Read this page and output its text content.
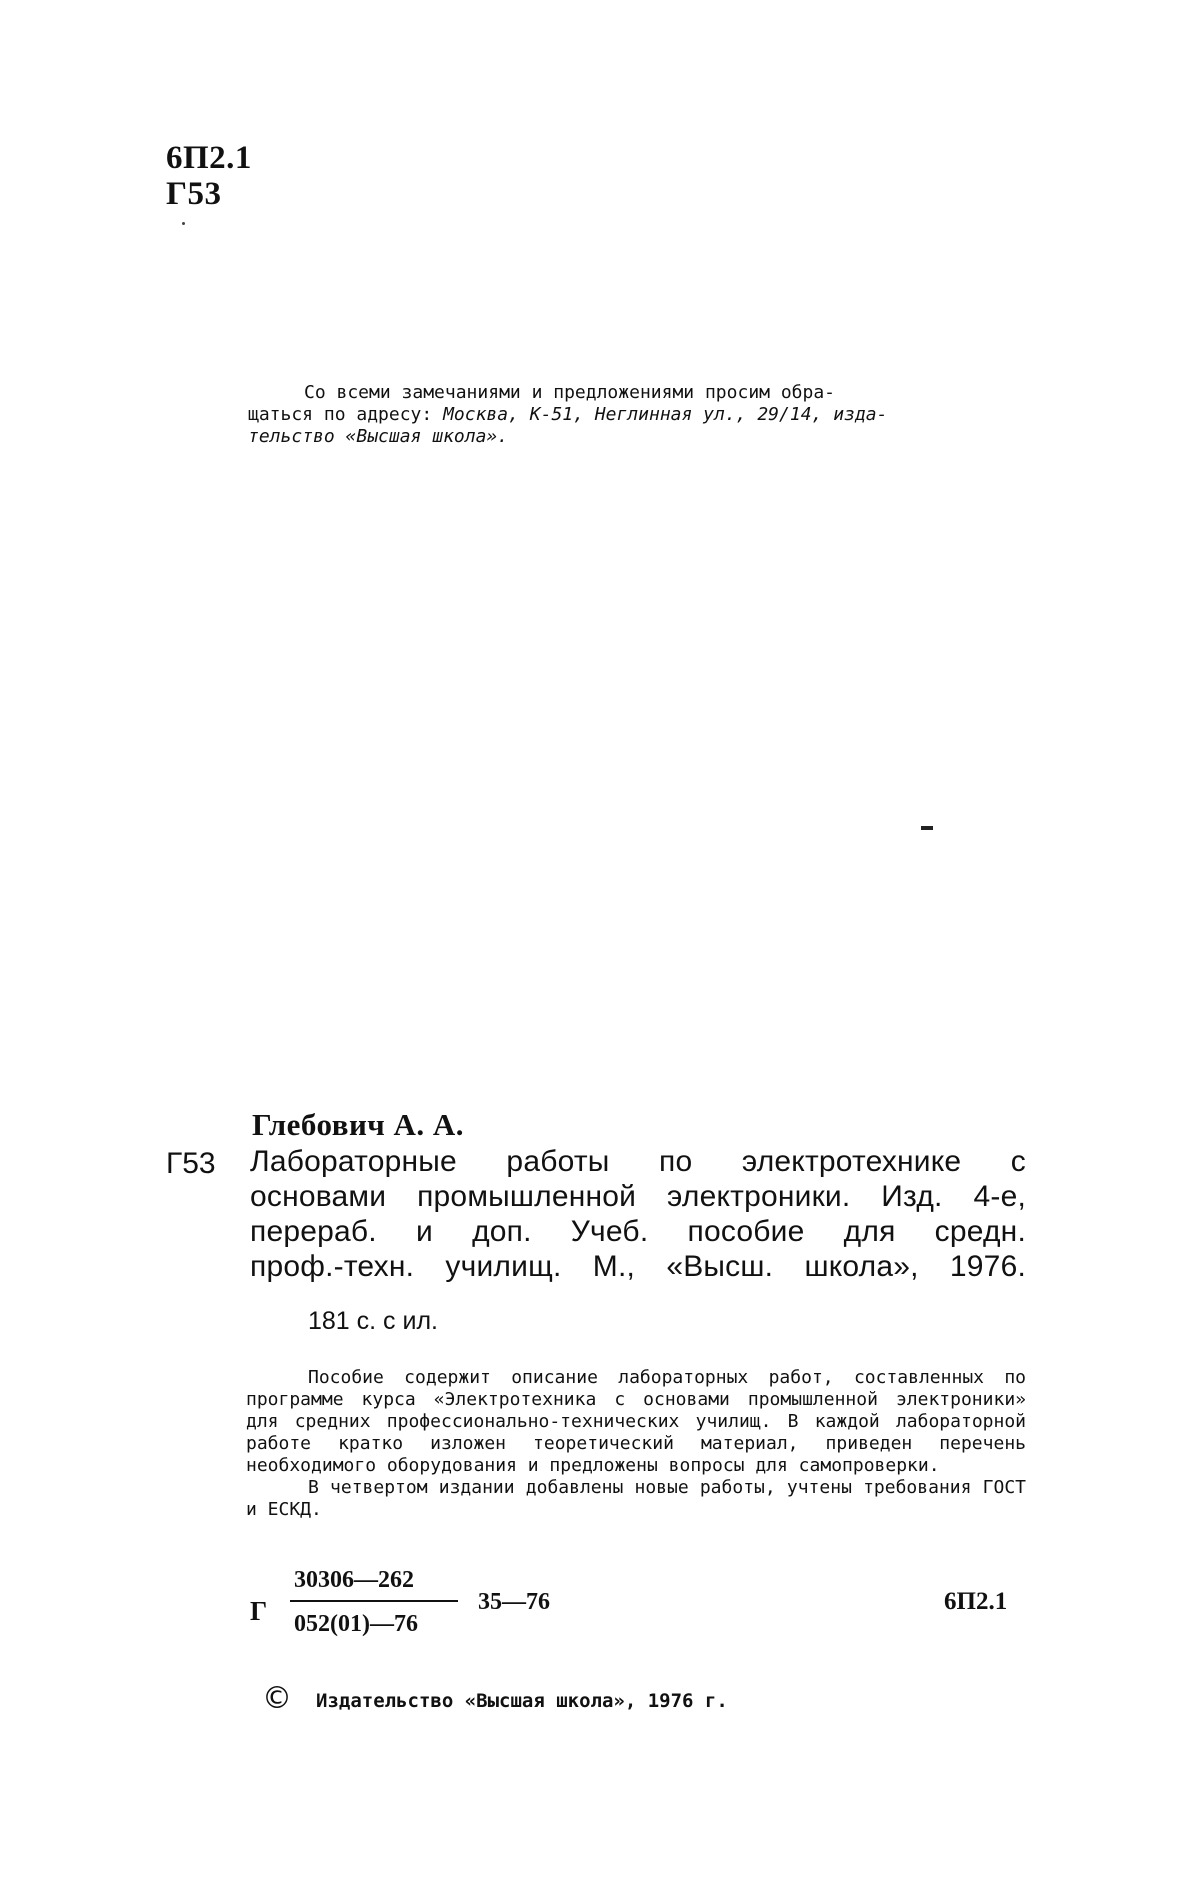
6П2.1
Г53

Со всеми замечаниями и предложениями просим обра-

щаться по адресу: Москва, К-51, Неглинная ул., 29/14, изда-

тельство «Высшая школа».

Глебович А. А.
Г53 Лабораторные работы по электротехнике с

основами промышленной электроники. Изд. 4-е,

перераб. и доп. Учеб. пособие для средн.

проф.-техн. училищ. М., «Высш. школа», 1976.

181 с. с ил.

Пособие содержит описание лабораторных работ, составленных по программе курса «Электротехника с основами промышленной электроники» для средних профессионально-технических училищ. В каждой лабораторной работе кратко изложен теоретический материал, приведен перечень необходимого оборудования и предложены вопросы для самопроверки.

В четвертом издании добавлены новые работы, учтены требования ГОСТ и ЕСКД.

Г
30306—262
052(01)—76
35—76	6П2.1
© Издательство «Высшая школа», 1976 г.
